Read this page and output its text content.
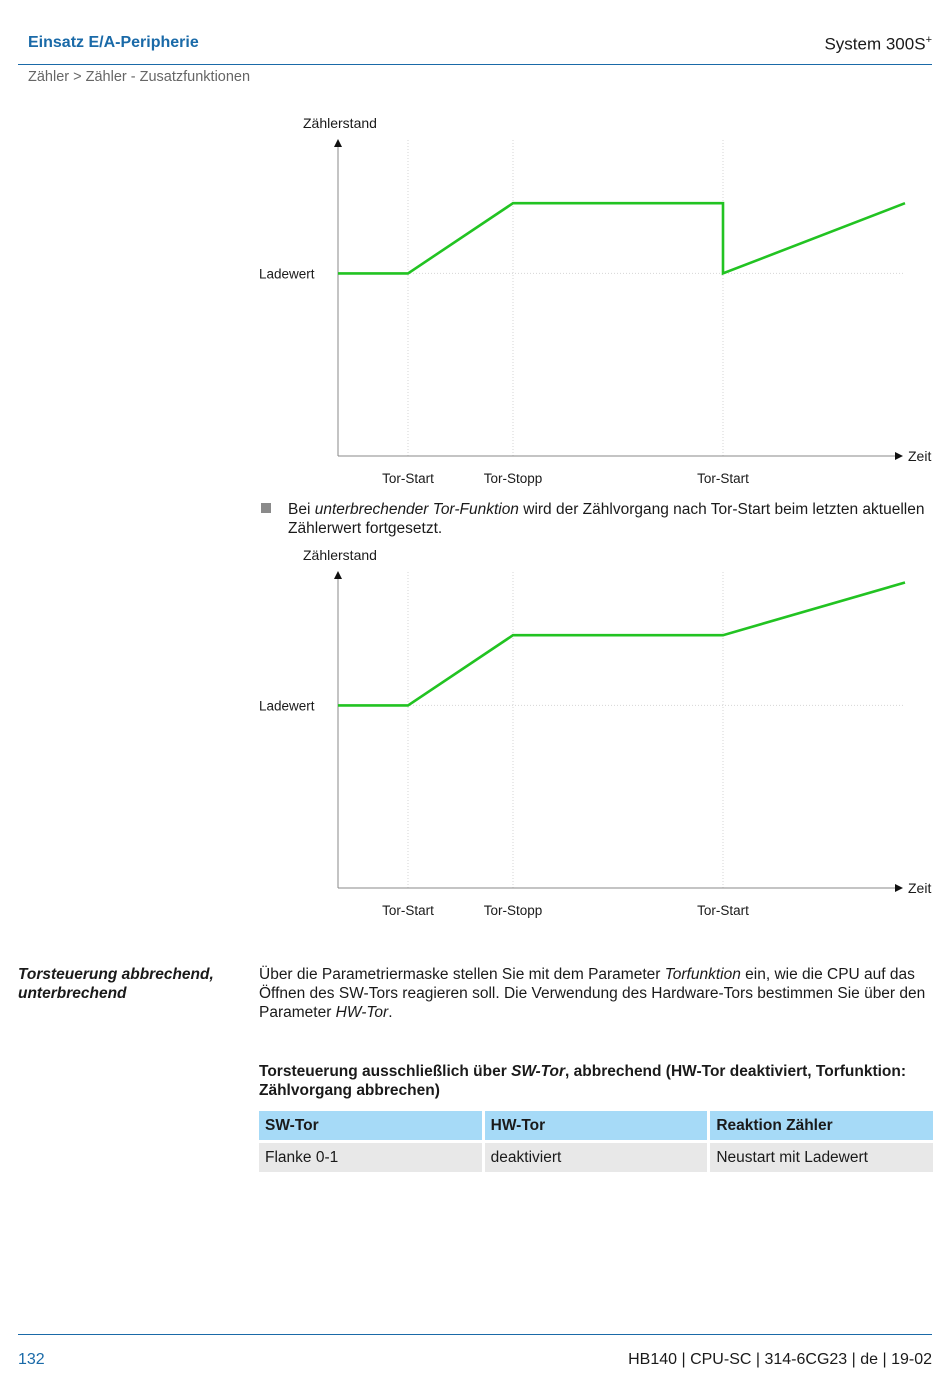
Einsatz E/A-Peripherie	System 300S+
Zähler > Zähler - Zusatzfunktionen
Zählerstand
Zeit
Ladewert
Tor-Start	Tor-Stopp	Tor-Start
Bei unterbrechender Tor-Funktion wird der Zählvorgang nach Tor-Start beim letzten aktuellen Zählerwert fortgesetzt.
Zählerstand
Zeit
Ladewert
Tor-Start	Tor-Stopp	Tor-Start
Torsteuerung abbrechend, unterbrechend
Über die Parametriermaske stellen Sie mit dem Parameter Torfunktion ein, wie die CPU auf das Öffnen des SW-Tors reagieren soll. Die Verwendung des Hardware-Tors bestimmen Sie über den Parameter HW-Tor.
Torsteuerung ausschließlich über SW-Tor, abbrechend (HW-Tor deaktiviert, Torfunktion: Zählvorgang abbrechen)
SW-Tor	HW-Tor	Reaktion Zähler
Flanke 0-1	deaktiviert	Neustart mit Ladewert
132	HB140 | CPU-SC | 314-6CG23 | de | 19-02
